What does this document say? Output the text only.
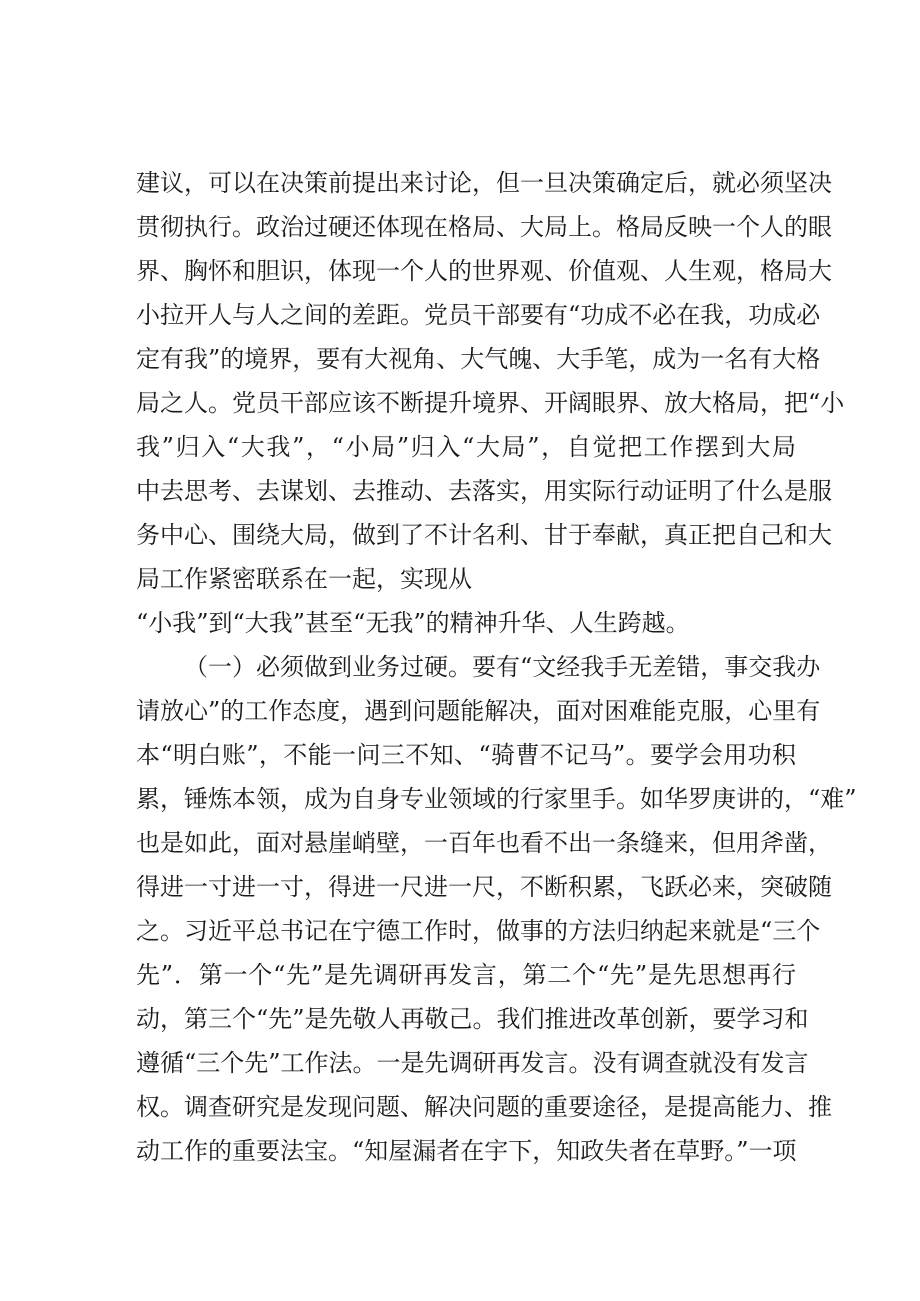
建议，可以在决策前提出来讨论，但一旦决策确定后，就必须坚决
贯彻执行。政治过硬还体现在格局、大局上。格局反映一个人的眼
界、胸怀和胆识，体现一个人的世界观、价值观、人生观，格局大
小拉开人与人之间的差距。党员干部要有“功成不必在我，功成必
定有我”的境界，要有大视角、大气魄、大手笔，成为一名有大格
局之人。党员干部应该不断提升境界、开阔眼界、放大格局，把“小
我”归入“大我”，“小局”归入“大局”，自觉把工作摆到大局
中去思考、去谋划、去推动、去落实，用实际行动证明了什么是服
务中心、围绕大局，做到了不计名利、甘于奉献，真正把自己和大
局工作紧密联系在一起，实现从
“小我”到“大我”甚至“无我”的精神升华、人生跨越。
（一）必须做到业务过硬。要有“文经我手无差错，事交我办
请放心”的工作态度，遇到问题能解决，面对困难能克服，心里有
本“明白账”，不能一问三不知、“骑曹不记马”。要学会用功积
累，锤炼本领，成为自身专业领域的行家里手。如华罗庚讲的，“难”
也是如此，面对悬崖峭壁，一百年也看不出一条缝来，但用斧凿，
得进一寸进一寸，得进一尺进一尺，不断积累，飞跃必来，突破随
之。习近平总书记在宁德工作时，做事的方法归纳起来就是“三个
先”．第一个“先”是先调研再发言，第二个“先”是先思想再行
动，第三个“先”是先敬人再敬己。我们推进改革创新，要学习和
遵循“三个先”工作法。一是先调研再发言。没有调查就没有发言
权。调查研究是发现问题、解决问题的重要途径，是提高能力、推
动工作的重要法宝。“知屋漏者在宇下，知政失者在草野。”一项
